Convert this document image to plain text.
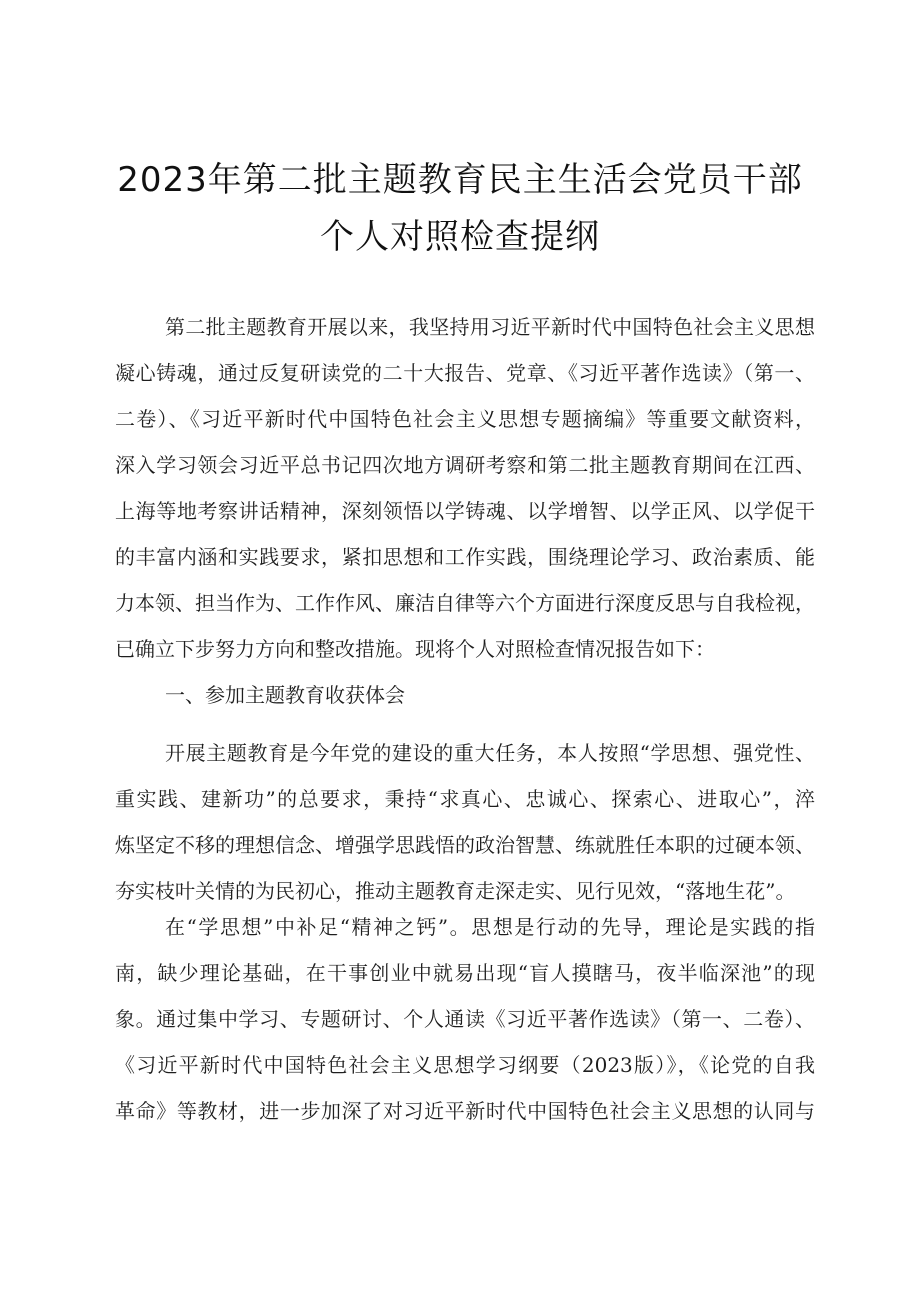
2023年第二批主题教育民主生活会党员干部
个人对照检查提纲
第二批主题教育开展以来，我坚持用习近平新时代中国特色社会主义思想
凝心铸魂，通过反复研读党的二十大报告、党章、《习近平著作选读》（第一、
二卷）、《习近平新时代中国特色社会主义思想专题摘编》等重要文献资料，
深入学习领会习近平总书记四次地方调研考察和第二批主题教育期间在江西、
上海等地考察讲话精神，深刻领悟以学铸魂、以学增智、以学正风、以学促干
的丰富内涵和实践要求，紧扣思想和工作实践，围绕理论学习、政治素质、能
力本领、担当作为、工作作风、廉洁自律等六个方面进行深度反思与自我检视，
已确立下步努力方向和整改措施。现将个人对照检查情况报告如下：
一、参加主题教育收获体会
开展主题教育是今年党的建设的重大任务，本人按照“学思想、强党性、
重实践、建新功”的总要求，秉持“求真心、忠诚心、探索心、进取心”，淬
炼坚定不移的理想信念、增强学思践悟的政治智慧、练就胜任本职的过硬本领、
夯实枝叶关情的为民初心，推动主题教育走深走实、见行见效，“落地生花”。
在“学思想”中补足“精神之钙”。思想是行动的先导，理论是实践的指
南，缺少理论基础，在干事创业中就易出现“盲人摸瞎马，夜半临深池”的现
象。通过集中学习、专题研讨、个人通读《习近平著作选读》（第一、二卷）、
《习近平新时代中国特色社会主义思想学习纲要（2023版）》，《论党的自我
革命》等教材，进一步加深了对习近平新时代中国特色社会主义思想的认同与
